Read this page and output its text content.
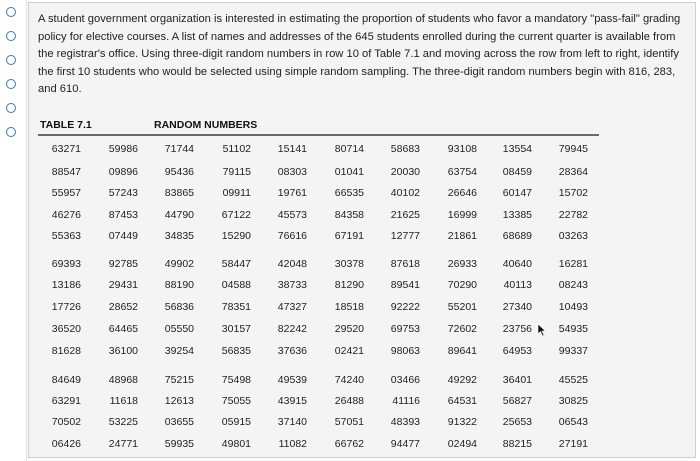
A student government organization is interested in estimating the proportion of students who favor a mandatory "pass-fail" grading policy for elective courses. A list of names and addresses of the 645 students enrolled during the current quarter is available from the registrar's office. Using three-digit random numbers in row 10 of Table 7.1 and moving across the row from left to right, identify the first 10 students who would be selected using simple random sampling. The three-digit random numbers begin with 816, 283, and 610.
TABLE 7.1	RANDOM NUMBERS
63271	59986	71744	51102	15141	80714	58683	93108	13554	79945
88547	09896	95436	79115	08303	01041	20030	63754	08459	28364
55957	57243	83865	09911	19761	66535	40102	26646	60147	15702
46276	87453	44790	67122	45573	84358	21625	16999	13385	22782
55363	07449	34835	15290	76616	67191	12777	21861	68689	03263
69393	92785	49902	58447	42048	30378	87618	26933	40640	16281
13186	29431	88190	04588	38733	81290	89541	70290	40113	08243
17726	28652	56836	78351	47327	18518	92222	55201	27340	10493
36520	64465	05550	30157	82242	29520	69753	72602	23756	54935
81628	36100	39254	56835	37636	02421	98063	89641	64953	99337
84649	48968	75215	75498	49539	74240	03466	49292	36401	45525
63291	11618	12613	75055	43915	26488	41116	64531	56827	30825
70502	53225	03655	05915	37140	57051	48393	91322	25653	06543
06426	24771	59935	49801	11082	66762	94477	02494	88215	27191
